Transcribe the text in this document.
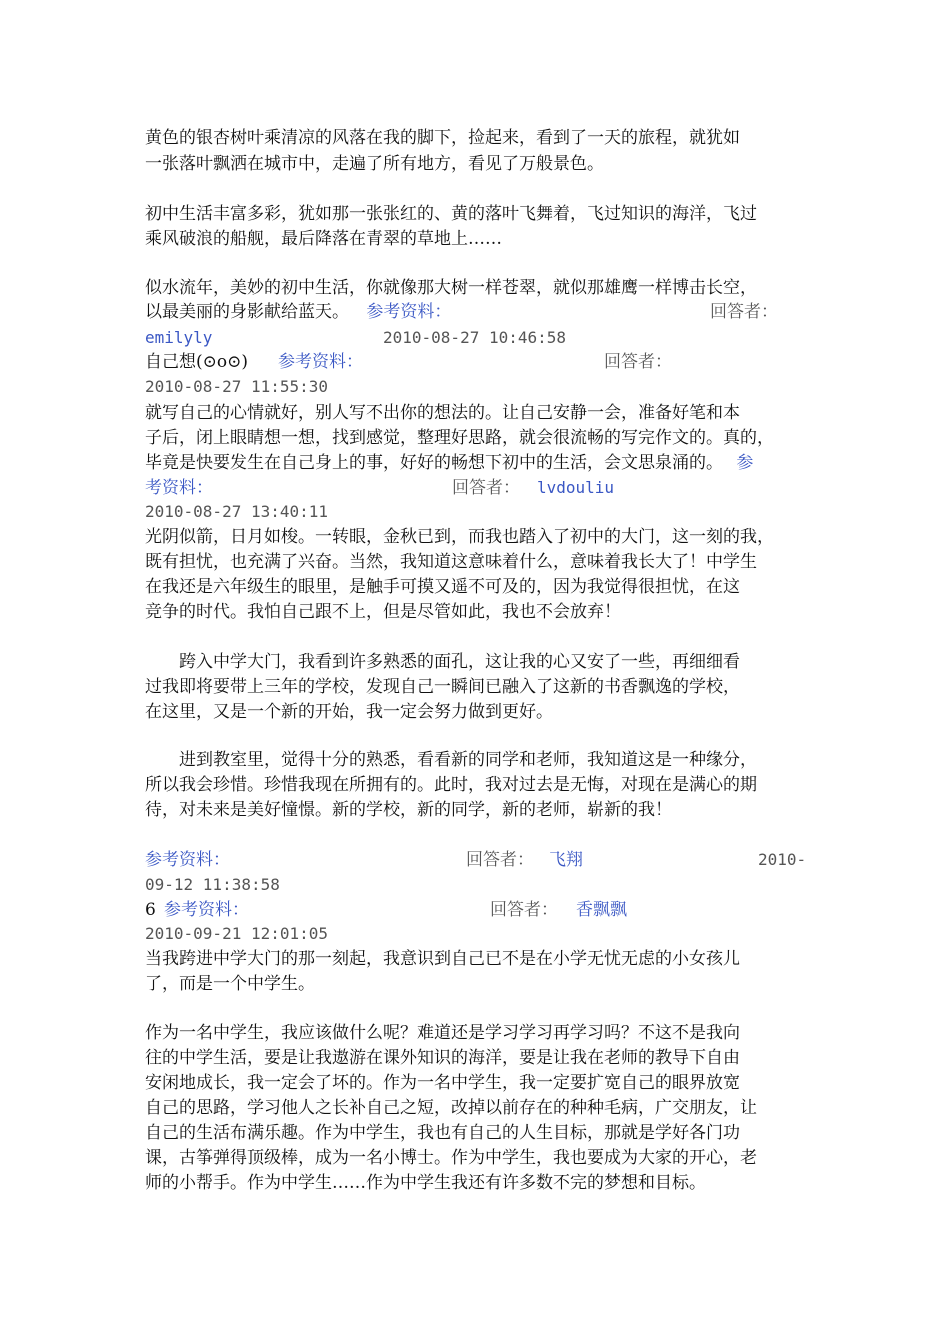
黄色的银杏树叶乘清凉的风落在我的脚下，捡起来，看到了一天的旅程，就犹如
一张落叶飘洒在城市中，走遍了所有地方，看见了万般景色。
初中生活丰富多彩，犹如那一张张红的、黄的落叶飞舞着，飞过知识的海洋，飞过
乘风破浪的船舰，最后降落在青翠的草地上……
似水流年，美妙的初中生活，你就像那大树一样苍翠，就似那雄鹰一样博击长空，
以最美丽的身影献给蓝天。 参考资料：	回答者：
emilyly	2010-08-27 10:46:58
自己想(⊙o⊙) 参考资料：	回答者：
2010-08-27 11:55:30
就写自己的心情就好，别人写不出你的想法的。让自己安静一会，准备好笔和本
子后，闭上眼睛想一想，找到感觉，整理好思路，就会很流畅的写完作文的。真的，
毕竟是快要发生在自己身上的事，好好的畅想下初中的生活，会文思泉涌的。 参
考资料：	回答者： lvdouliu
2010-08-27 13:40:11
光阴似箭，日月如梭。一转眼，金秋已到，而我也踏入了初中的大门，这一刻的我，
既有担忧，也充满了兴奋。当然，我知道这意味着什么，意味着我长大了！中学生
在我还是六年级生的眼里，是触手可摸又遥不可及的，因为我觉得很担忧，在这
竞争的时代。我怕自己跟不上，但是尽管如此，我也不会放弃！
　　跨入中学大门，我看到许多熟悉的面孔，这让我的心又安了一些，再细细看
过我即将要带上三年的学校，发现自己一瞬间已融入了这新的书香飘逸的学校，
在这里，又是一个新的开始，我一定会努力做到更好。
　　进到教室里，觉得十分的熟悉，看看新的同学和老师，我知道这是一种缘分，
所以我会珍惜。珍惜我现在所拥有的。此时，我对过去是无悔，对现在是满心的期
待，对未来是美好憧憬。新的学校，新的同学，新的老师，崭新的我！
参考资料：	回答者： 飞翔	2010-
09-12 11:38:58
6 参考资料：	回答者： 香飘飘
2010-09-21 12:01:05
当我跨进中学大门的那一刻起，我意识到自己已不是在小学无忧无虑的小女孩儿
了，而是一个中学生。
作为一名中学生，我应该做什么呢？难道还是学习学习再学习吗？不这不是我向
往的中学生活，要是让我遨游在课外知识的海洋，要是让我在老师的教导下自由
安闲地成长，我一定会了坏的。作为一名中学生，我一定要扩宽自己的眼界放宽
自己的思路，学习他人之长补自己之短，改掉以前存在的种种毛病，广交朋友，让
自己的生活布满乐趣。作为中学生，我也有自己的人生目标，那就是学好各门功
课，古筝弹得顶级棒，成为一名小博士。作为中学生，我也要成为大家的开心，老
师的小帮手。作为中学生……作为中学生我还有许多数不完的梦想和目标。
